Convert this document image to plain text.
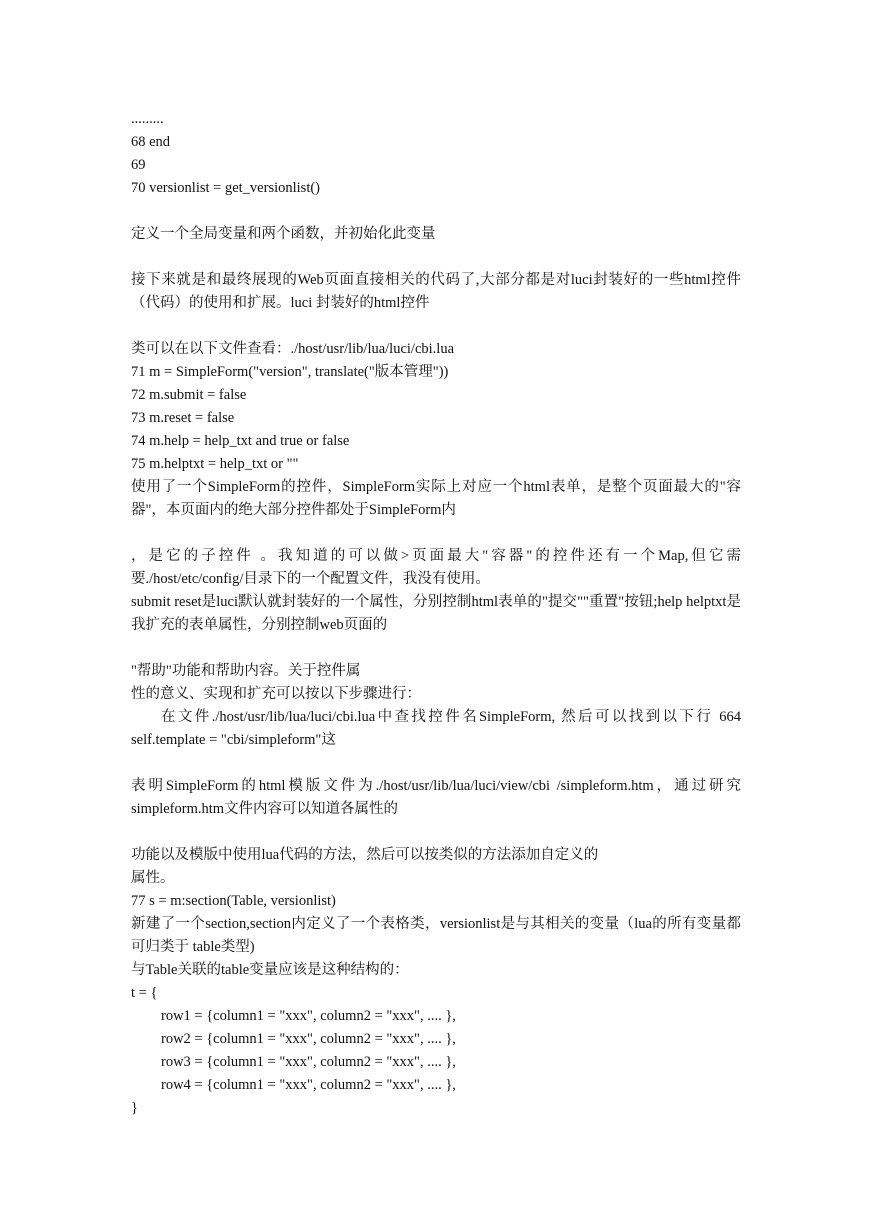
.........
68 end
69
70 versionlist = get_versionlist()
定义一个全局变量和两个函数，并初始化此变量
接下来就是和最终展现的Web页面直接相关的代码了,大部分都是对luci封装好的一些html控件（代码）的使用和扩展。luci 封装好的html控件
类可以在以下文件查看：./host/usr/lib/lua/luci/cbi.lua
71 m = SimpleForm("version", translate("版本管理"))
72 m.submit = false
73 m.reset = false
74 m.help = help_txt and true or false
75 m.helptxt = help_txt or ""
使用了一个SimpleForm的控件，SimpleForm实际上对应一个html表单，是整个页面最大的"容器"，本页面内的绝大部分控件都处于SimpleForm内
，是它的子控件 。我知道的可以做>页面最大"容器"的控件还有一个Map,但它需要./host/etc/config/目录下的一个配置文件，我没有使用。
submit reset是luci默认就封装好的一个属性，分别控制html表单的"提交""重置"按钮;help helptxt是我扩充的表单属性，分别控制web页面的
"帮助"功能和帮助内容。关于控件属
性的意义、实现和扩充可以按以下步骤进行：
在文件./host/usr/lib/lua/luci/cbi.lua中查找控件名SimpleForm, 然后可以找到以下行 664 self.template = "cbi/simpleform"这
表明SimpleForm的html模版文件为./host/usr/lib/lua/luci/view/cbi /simpleform.htm，通过研究simpleform.htm文件内容可以知道各属性的
功能以及模版中使用lua代码的方法，然后可以按类似的方法添加自定义的
属性。
77 s = m:section(Table, versionlist)
新建了一个section,section内定义了一个表格类，versionlist是与其相关的变量（lua的所有变量都可归类于 table类型)
与Table关联的table变量应该是这种结构的：
t = {
row1 = {column1 = "xxx", column2 = "xxx", .... },
row2 = {column1 = "xxx", column2 = "xxx", .... },
row3 = {column1 = "xxx", column2 = "xxx", .... },
row4 = {column1 = "xxx", column2 = "xxx", .... },
}
